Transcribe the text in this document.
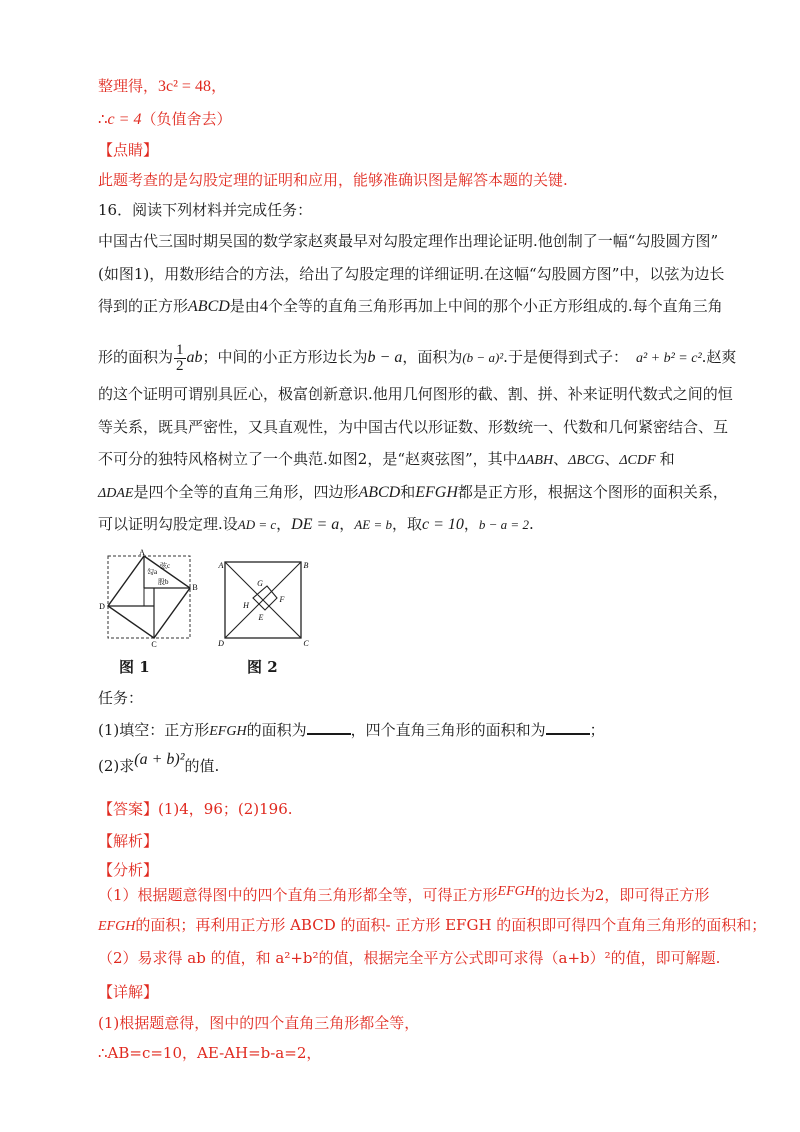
整理得，3c² = 48，
∴c = 4（负值舍去）
【点睛】
此题考查的是勾股定理的证明和应用，能够准确识图是解答本题的关键.
16．阅读下列材料并完成任务：
中国古代三国时期吴国的数学家赵爽最早对勾股定理作出理论证明.他创制了一幅“勾股圆方图”
(如图1)，用数形结合的方法，给出了勾股定理的详细证明.在这幅“勾股圆方图”中，以弦为边长
得到的正方形ABCD是由4个全等的直角三角形再加上中间的那个小正方形组成的.每个直角三角
形的面积为 $\frac{1}{2}$ ab；中间的小正方形边长为b − a，面积为(b − a)².于是便得到式子： a² + b² = c².赵爽
的这个证明可谓别具匠心，极富创新意识.他用几何图形的截、割、拼、补来证明代数式之间的恒
等关系，既具严密性，又具直观性，为中国古代以形证数、形数统一、代数和几何紧密结合、互
不可分的独特风格树立了一个典范.如图2，是“赵爽弦图”，其中ΔABH、ΔBCG、ΔCDF 和
ΔDAE是四个全等的直角三角形，四边形ABCD和EFGH都是正方形，根据这个图形的面积关系，
可以证明勾股定理.设AD = c，DE = a，AE = b，取c = 10，b − a = 2.
A
B
C
D
勾a
弦c
股b
图 1
A	B
C
D
E
F
G
H
图 2
任务：
(1)填空：正方形EFGH的面积为	，四个直角三角形的面积和为	；
(2)求(a + b)²的值.
【答案】(1)4，96；(2)196.
【解析】
【分析】
（1）根据题意得图中的四个直角三角形都全等，可得正方形EFGH的边长为2，即可得正方形
EFGH的面积；再利用正方形 ABCD 的面积- 正方形 EFGH 的面积即可得四个直角三角形的面积和；
（2）易求得 ab 的值，和 a²+b²的值，根据完全平方公式即可求得（a+b）²的值，即可解题.
【详解】
(1)根据题意得，图中的四个直角三角形都全等，
∴AB=c=10，AE-AH=b-a=2，
